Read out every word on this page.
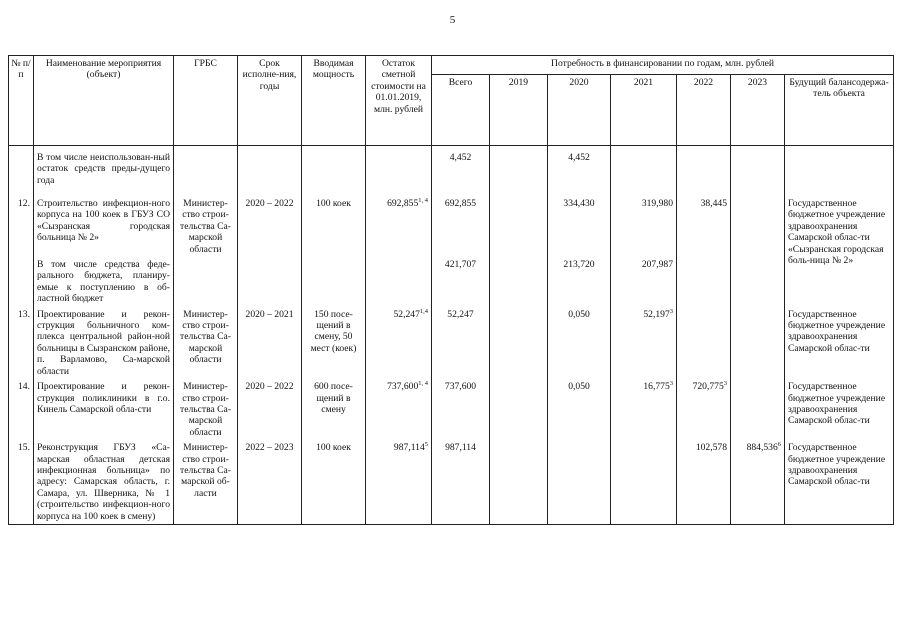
5
№ п/п	Наименование мероприятия (объект)	ГРБС	Срок исполне-ния, годы	Вводимая мощность	Остаток сметной стоимости на 01.01.2019, млн. рублей	Потребность в финансировании по годам, млн. рублей						
						Всего	2019	2020	2021	2022	2023	Будущий балансодержа-тель объекта
	В том числе неиспользован-ный остаток средств преды-дущего года					4,452		4,452				
12.	Строительство инфекцион-ного корпуса на 100 коек в ГБУЗ СО «Сызранская городская больница № 2»	Министер-ство строи-тельства Са-марской области	2020 – 2022	100 коек	692,855$^{1, 4}$	692,855		334,430	319,980	38,445		Государственное бюджетное учреждение здравоохранения Самарской облас-ти «Сызранская городская боль-ница № 2»
	В том числе средства феде-рального бюджета, планиру-емые к поступлению в об-ластной бюджет					421,707		213,720	207,987			
13.	Проектирование и рекон-струкция больничного ком-плекса центральной район-ной больницы в Сызранском районе, п. Варламово, Са-марской области	Министер-ство строи-тельства Са-марской области	2020 – 2021	150 посе-щений в смену, 50 мест (коек)	52,247$^{1,4}$	52,247		0,050	52,197$^3$			Государственное бюджетное учреждение здравоохранения Самарской облас-ти
14.	Проектирование и рекон-струкция поликлиники в г.о. Кинель Самарской обла-сти	Министер-ство строи-тельства Са-марской области	2020 – 2022	600 посе-щений в смену	737,600$^{1, 4}$	737,600		0,050	16,775$^3$	720,775$^3$		Государственное бюджетное учреждение здравоохранения Самарской облас-ти
15.	Реконструкция ГБУЗ «Са-марская областная детская инфекционная больница» по адресу: Самарская область, г. Самара, ул. Шверника, № 1 (строительство инфекцион-ного корпуса на 100 коек в смену)	Министер-ство строи-тельства Са-марской об-ласти	2022 – 2023	100 коек	987,114$^5$	987,114				102,578	884,536$^6$	Государственное бюджетное учреждение здравоохранения Самарской облас-ти
